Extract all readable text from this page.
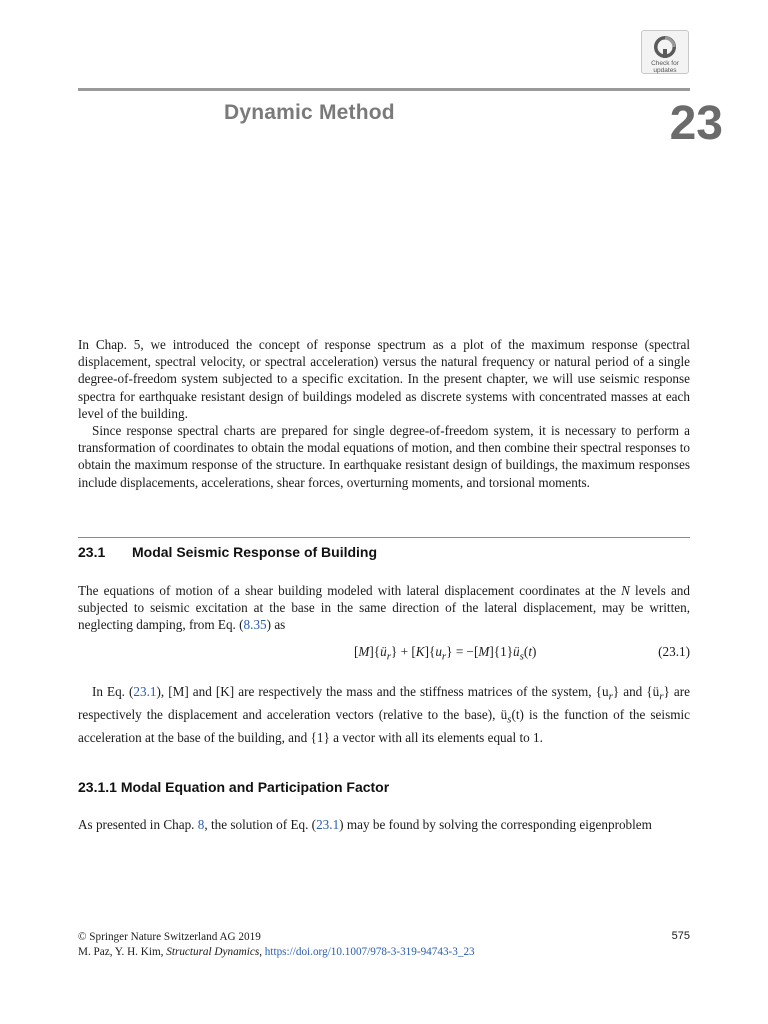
Check for
updates
Dynamic Method	23

In Chap. 5, we introduced the concept of response spectrum as a plot of the maximum response (spectral displacement, spectral velocity, or spectral acceleration) versus the natural frequency or natural period of a single degree-of-freedom system subjected to a specific excitation. In the present chapter, we will use seismic response spectra for earthquake resistant design of buildings modeled as discrete systems with concentrated masses at each level of the building.

Since response spectral charts are prepared for single degree-of-freedom system, it is necessary to perform a transformation of coordinates to obtain the modal equations of motion, and then combine their spectral responses to obtain the maximum response of the structure. In earthquake resistant design of buildings, the maximum responses include displacements, accelerations, shear forces, overturning moments, and torsional moments.

23.1 Modal Seismic Response of Building

The equations of motion of a shear building modeled with lateral displacement coordinates at the N levels and subjected to seismic excitation at the base in the same direction of the lateral displacement, may be written, neglecting damping, from Eq. (8.35) as

$[M]\{ü_r\} + [K]\{u_r\}$ = $-[M]\{1\}ü_s(t)$	(23.1)

In Eq. (23.1), [M] and [K] are respectively the mass and the stiffness matrices of the system, $\{u_r\}$ and $\{ü_r\}$ are respectively the displacement and acceleration vectors (relative to the base), $ü_s(t)$ is the function of the seismic acceleration at the base of the building, and {1} a vector with all its elements equal to 1.

23.1.1 Modal Equation and Participation Factor

As presented in Chap. 8, the solution of Eq. (23.1) may be found by solving the corresponding eigenproblem

© Springer Nature Switzerland AG 2019	575
M. Paz, Y. H. Kim, Structural Dynamics, https://doi.org/10.1007/978-3-319-94743-3_23
